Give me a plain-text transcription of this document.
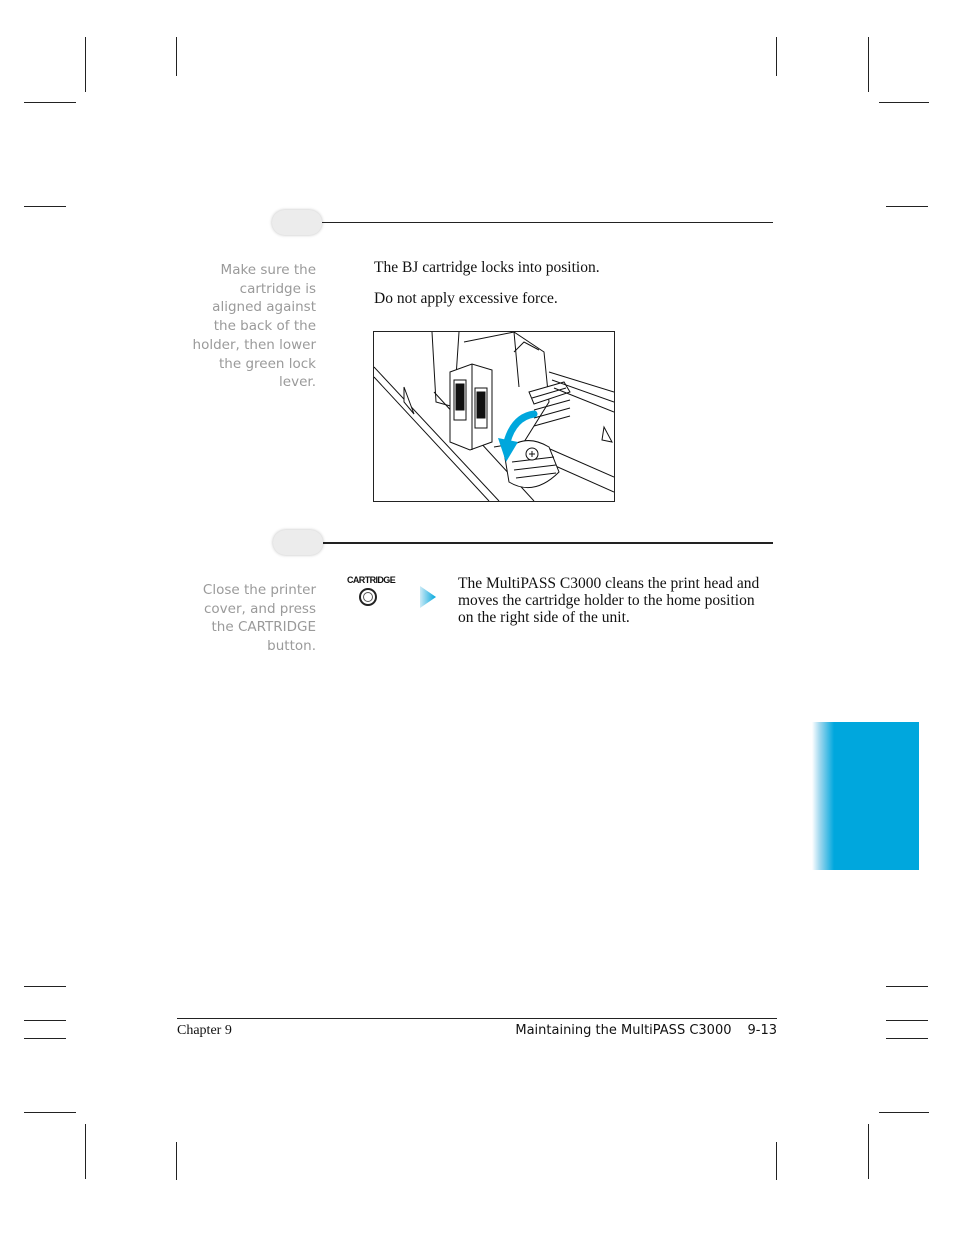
Make sure the cartridge is aligned against the back of the holder, then lower the green lock lever.
The BJ cartridge locks into position.
Do not apply excessive force.
Close the printer cover, and press the CARTRIDGE button.
CARTRIDGE	The MultiPASS C3000 cleans the print head and moves the cartridge holder to the home position on the right side of the unit.
Chapter 9	Maintaining the MultiPASS C3000 9-13
